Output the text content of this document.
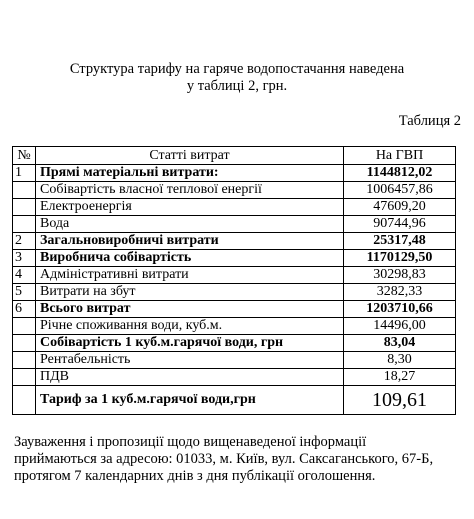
Структура тарифу на гаряче водопостачання наведена
у таблиці 2, грн.
Таблиця 2
№	Статті витрат	На ГВП
1	Прямі матеріальні витрати:	1144812,02
	Собівартість власної теплової енергії	1006457,86
	Електроенергія	47609,20
	Вода	90744,96
2	Загальновиробничі витрати	25317,48
3	Виробнича собівартість	1170129,50
4	Адміністративні витрати	30298,83
5	Витрати на збут	3282,33
6	Всього витрат	1203710,66
	Річне споживання води, куб.м.	14496,00
	Собівартість 1 куб.м.гарячої води, грн	83,04
	Рентабельність	8,30
	ПДВ	18,27
	Тариф за 1 куб.м.гарячої води,грн	109,61
Зауваження і пропозиції щодо вищенаведеної інформації
приймаються за адресою: 01033, м. Київ, вул. Саксаганського, 67-Б,
протягом 7 календарних днів з дня публікації оголошення.
